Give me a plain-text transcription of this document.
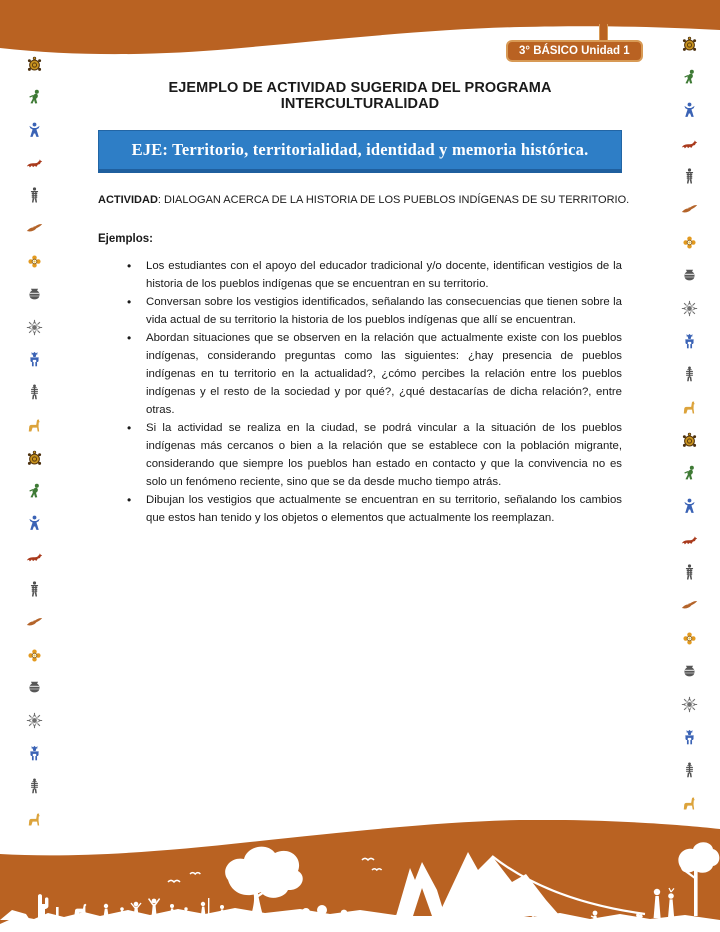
3° BÁSICO Unidad 1
EJEMPLO DE ACTIVIDAD SUGERIDA DEL PROGRAMA INTERCULTURALIDAD
EJE: Territorio, territorialidad, identidad y memoria histórica.

ACTIVIDAD: DIALOGAN ACERCA DE LA HISTORIA DE LOS PUEBLOS INDÍGENAS DE SU TERRITORIO.

Ejemplos:

• Los estudiantes con el apoyo del educador tradicional y/o docente, identifican vestigios de la historia de los pueblos indígenas que se encuentran en su territorio.
• Conversan sobre los vestigios identificados, señalando las consecuencias que tienen sobre la vida actual de su territorio la historia de los pueblos indígenas que allí se encuentran.
• Abordan situaciones que se observen en la relación que actualmente existe con los pueblos indígenas, considerando preguntas como las siguientes: ¿hay presencia de pueblos indígenas en tu territorio en la actualidad?, ¿cómo percibes la relación entre los pueblos indígenas y el resto de la sociedad y por qué?, ¿qué destacarías de dicha relación?, entre otras.
• Si la actividad se realiza en la ciudad, se podrá vincular a la situación de los pueblos indígenas más cercanos o bien a la relación que se establece con la población migrante, considerando que siempre los pueblos han estado en contacto y que la convivencia no es solo un fenómeno reciente, sino que se da desde mucho tiempo atrás.
• Dibujan los vestigios que actualmente se encuentran en su territorio, señalando los cambios que estos han tenido y los objetos o elementos que actualmente los reemplazan.
